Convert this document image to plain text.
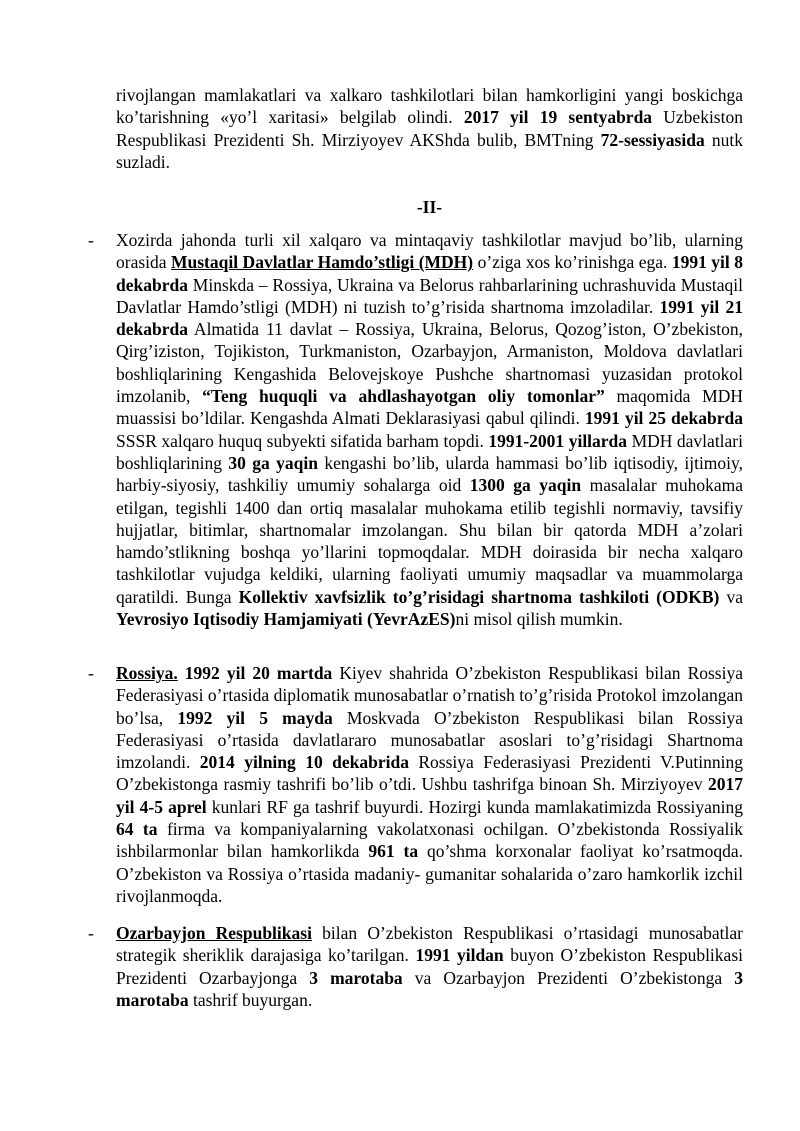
rivojlangan mamlakatlari va xalkaro tashkilotlari bilan hamkorligini yangi boskichga ko’tarishning «yo’l xaritasi» belgilab olindi. 2017 yil 19 sentyabrda Uzbekiston Respublikasi Prezidenti Sh. Mirziyoyev AKShda bulib, BMTning 72-sessiyasida nutk suzladi.

-II-
-	Xozirda jahonda turli xil xalqaro va mintaqaviy tashkilotlar mavjud bo’lib, ularning orasida Mustaqil Davlatlar Hamdo’stligi (MDH) o’ziga xos ko’rinishga ega. 1991 yil 8 dekabrda Minskda – Rossiya, Ukraina va Belorus rahbarlarining uchrashuvida Mustaqil Davlatlar Hamdo’stligi (MDH) ni tuzish to’g’risida shartnoma imzoladilar. 1991 yil 21 dekabrda Almatida 11 davlat – Rossiya, Ukraina, Belorus, Qozog’iston, O’zbekiston, Qirg’iziston, Tojikiston, Turkmaniston, Ozarbayjon, Armaniston, Moldova davlatlari boshliqlarining Kengashida Belovejskoye Pushche shartnomasi yuzasidan protokol imzolanib, “Teng huquqli va ahdlashayotgan oliy tomonlar” maqomida MDH muassisi bo’ldilar. Kengashda Almati Deklarasiyasi qabul qilindi. 1991 yil 25 dekabrda SSSR xalqaro huquq subyekti sifatida barham topdi. 1991-2001 yillarda MDH davlatlari boshliqlarining 30 ga yaqin kengashi bo’lib, ularda hammasi bo’lib iqtisodiy, ijtimoiy, harbiy-siyosiy, tashkiliy umumiy sohalarga oid 1300 ga yaqin masalalar muhokama etilgan, tegishli 1400 dan ortiq masalalar muhokama etilib tegishli normaviy, tavsifiy hujjatlar, bitimlar, shartnomalar imzolangan. Shu bilan bir qatorda MDH a’zolari hamdo’stlikning boshqa yo’llarini topmoqdalar. MDH doirasida bir necha xalqaro tashkilotlar vujudga keldiki, ularning faoliyati umumiy maqsadlar va muammolarga qaratildi. Bunga Kollektiv xavfsizlik to’g’risidagi shartnoma tashkiloti (ODKB) va Yevrosiyo Iqtisodiy Hamjamiyati (YevrAzES)ni misol qilish mumkin.

-	Rossiya. 1992 yil 20 martda Kiyev shahrida O’zbekiston Respublikasi bilan Rossiya Federasiyasi o’rtasida diplomatik munosabatlar o’rnatish to’g’risida Protokol imzolangan bo’lsa, 1992 yil 5 mayda Moskvada O’zbekiston Respublikasi bilan Rossiya Federasiyasi o’rtasida davlatlararo munosabatlar asoslari to’g’risidagi Shartnoma imzolandi. 2014 yilning 10 dekabrida Rossiya Federasiyasi Prezidenti V.Putinning O’zbekistonga rasmiy tashrifi bo’lib o’tdi. Ushbu tashrifga binoan Sh. Mirziyoyev 2017 yil 4-5 aprel kunlari RF ga tashrif buyurdi. Hozirgi kunda mamlakatimizda Rossiyaning 64 ta firma va kompaniyalarning vakolatxonasi ochilgan. O’zbekistonda Rossiyalik ishbilarmonlar bilan hamkorlikda 961 ta qo’shma korxonalar faoliyat ko’rsatmoqda. O’zbekiston va Rossiya o’rtasida madaniy- gumanitar sohalarida o’zaro hamkorlik izchil rivojlanmoqda.

-	Ozarbayjon Respublikasi bilan O’zbekiston Respublikasi o’rtasidagi munosabatlar strategik sheriklik darajasiga ko’tarilgan. 1991 yildan buyon O’zbekiston Respublikasi Prezidenti Ozarbayjonga 3 marotaba va Ozarbayjon Prezidenti O’zbekistonga 3 marotaba tashrif buyurgan.
